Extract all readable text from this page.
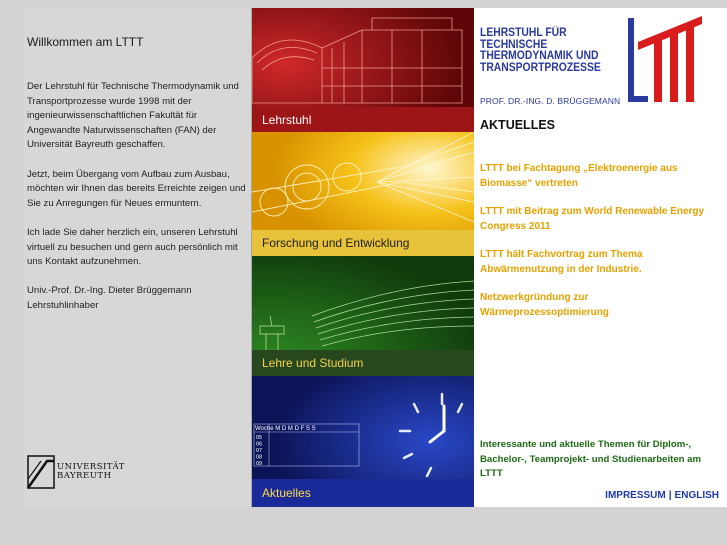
Willkommen am LTTT

Der Lehrstuhl für Technische Thermodynamik und Transportprozesse wurde 1998 mit der ingenieurwissenschaftlichen Fakultät für Angewandte Naturwissenschaften (FAN) der Universität Bayreuth geschaffen.

Jetzt, beim Übergang vom Aufbau zum Ausbau, möchten wir Ihnen das bereits Erreichte zeigen und Sie zu Anregungen für Neues ermuntern.

Ich lade Sie daher herzlich ein, unseren Lehrstuhl virtuell zu besuchen und gern auch persönlich mit uns Kontakt aufzunehmen.

Univ.-Prof. Dr.-Ing. Dieter Brüggemann
Lehrstuhlinhaber
UNIVERSITÄT
BAYREUTH
Lehrstuhl
Forschung und Entwicklung
Lehre und Studium
Woche M D M D F S S
05
06
07
08
09
Aktuelles
LEHRSTUHL FÜR
TECHNISCHE
THERMODYNAMIK UND
TRANSPORTPROZESSE
PROF. DR.-ING. D. BRÜGGEMANN
AKTUELLES
LTTT bei Fachtagung „Elektroenergie aus Biomasse“ vertreten
LTTT mit Beitrag zum World Renewable Energy Congress 2011
LTTT hält Fachvortrag zum Thema Abwärmenutzung in der Industrie.
Netzwerkgründung zur Wärmeprozessoptimierung
Interessante und aktuelle Themen für Diplom-, Bachelor-, Teamprojekt- und Studienarbeiten am LTTT
IMPRESSUM | ENGLISH
